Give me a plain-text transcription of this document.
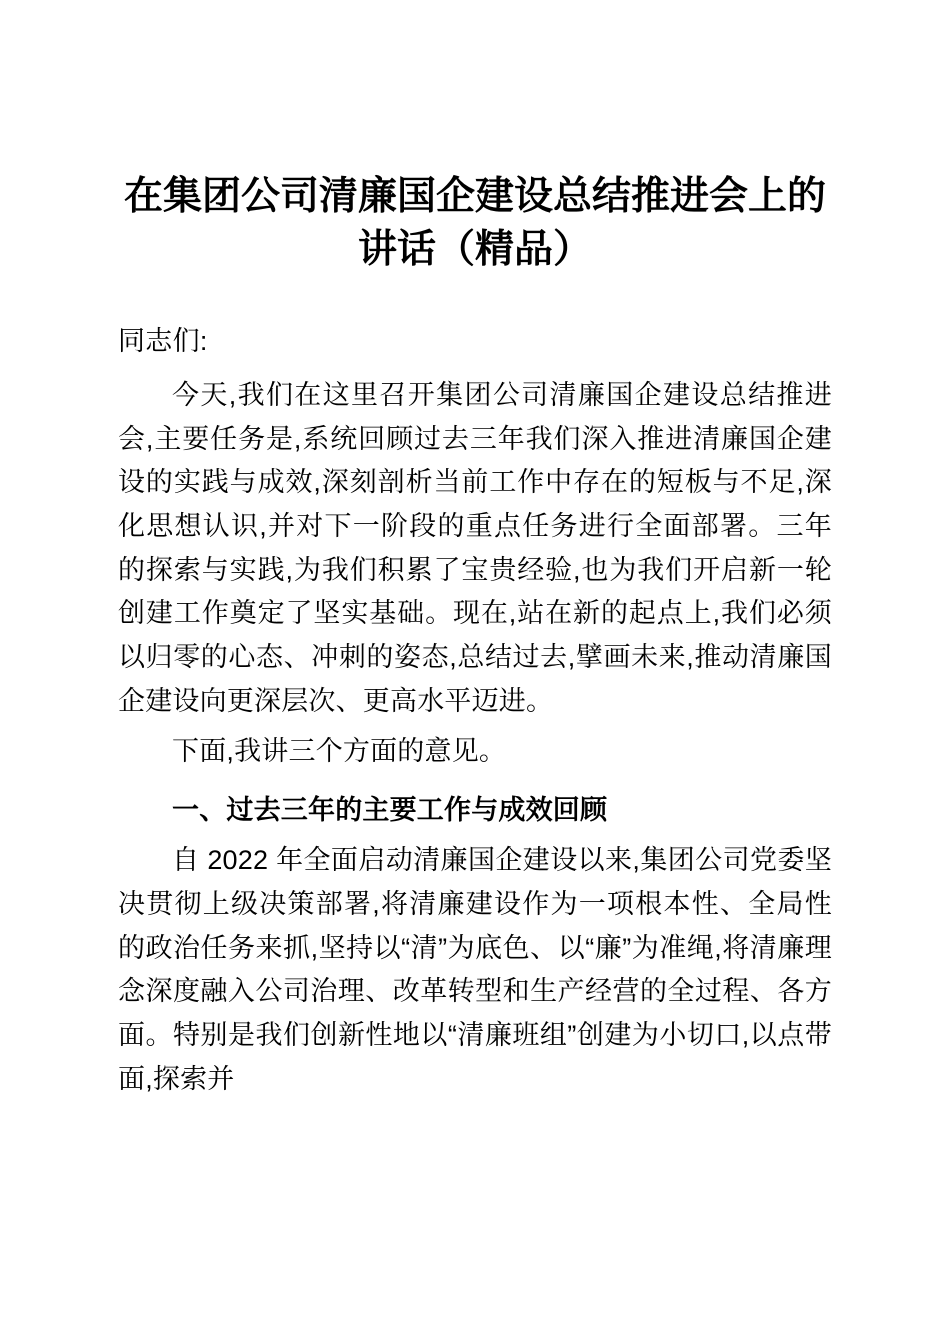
在集团公司清廉国企建设总结推进会上的讲话（精品）

同志们:

今天,我们在这里召开集团公司清廉国企建设总结推进会,主要任务是,系统回顾过去三年我们深入推进清廉国企建设的实践与成效,深刻剖析当前工作中存在的短板与不足,深化思想认识,并对下一阶段的重点任务进行全面部署。三年的探索与实践,为我们积累了宝贵经验,也为我们开启新一轮创建工作奠定了坚实基础。现在,站在新的起点上,我们必须以归零的心态、冲刺的姿态,总结过去,擘画未来,推动清廉国企建设向更深层次、更高水平迈进。

下面,我讲三个方面的意见。

一、过去三年的主要工作与成效回顾

自 2022 年全面启动清廉国企建设以来,集团公司党委坚决贯彻上级决策部署,将清廉建设作为一项根本性、全局性的政治任务来抓,坚持以“清”为底色、以“廉”为准绳,将清廉理念深度融入公司治理、改革转型和生产经营的全过程、各方面。特别是我们创新性地以“清廉班组”创建为小切口,以点带面,探索并
